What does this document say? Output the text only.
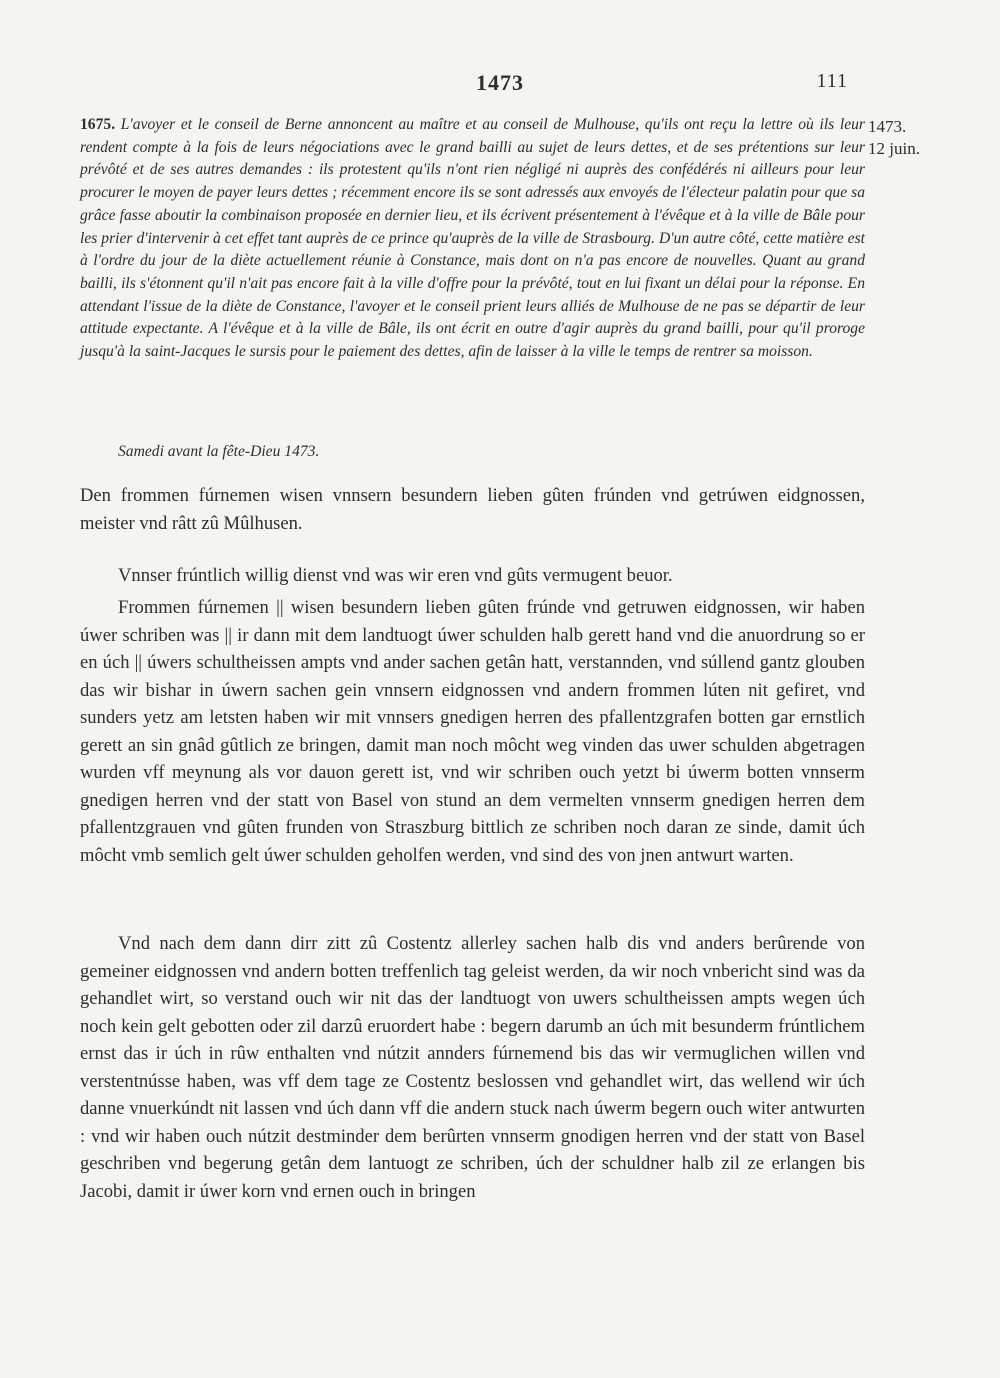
1473	111
1473.
12 juin.
1675. L'avoyer et le conseil de Berne annoncent au maître et au conseil de Mulhouse, qu'ils ont reçu la lettre où ils leur rendent compte à la fois de leurs négociations avec le grand bailli au sujet de leurs dettes, et de ses prétentions sur leur prévôté et de ses autres demandes : ils protestent qu'ils n'ont rien négligé ni auprès des confédérés ni ailleurs pour leur procurer le moyen de payer leurs dettes ; récemment encore ils se sont adressés aux envoyés de l'électeur palatin pour que sa grâce fasse aboutir la combinaison proposée en dernier lieu, et ils écrivent présentement à l'évêque et à la ville de Bâle pour les prier d'intervenir à cet effet tant auprès de ce prince qu'auprès de la ville de Strasbourg. D'un autre côté, cette matière est à l'ordre du jour de la diète actuellement réunie à Constance, mais dont on n'a pas encore de nouvelles. Quant au grand bailli, ils s'étonnent qu'il n'ait pas encore fait à la ville d'offre pour la prévôté, tout en lui fixant un délai pour la réponse. En attendant l'issue de la diète de Constance, l'avoyer et le conseil prient leurs alliés de Mulhouse de ne pas se départir de leur attitude expectante. A l'évêque et à la ville de Bâle, ils ont écrit en outre d'agir auprès du grand bailli, pour qu'il proroge jusqu'à la saint-Jacques le sursis pour le paiement des dettes, afin de laisser à la ville le temps de rentrer sa moisson.
Samedi avant la fête-Dieu 1473.

Den frommen fúrnemen wisen vnnsern besundern lieben gûten frúnden vnd getrúwen eidgnossen, meister vnd râtt zû Mûlhusen.

Vnnser frúntlich willig dienst vnd was wir eren vnd gûts vermugent beuor.

Frommen fúrnemen || wisen besundern lieben gûten frúnde vnd getruwen eidgnossen, wir haben úwer schriben was || ir dann mit dem landtuogt úwer schulden halb gerett hand vnd die anuordrung so er en úch || úwers schultheissen ampts vnd ander sachen getân hatt, verstannden, vnd súllend gantz glouben das wir bishar in úwern sachen gein vnnsern eidgnossen vnd andern frommen lúten nit gefiret, vnd sunders yetz am letsten haben wir mit vnnsers gnedigen herren des pfallentzgrafen botten gar ernstlich gerett an sin gnâd gûtlich ze bringen, damit man noch môcht weg vinden das uwer schulden abgetragen wurden vff meynung als vor dauon gerett ist, vnd wir schriben ouch yetzt bi úwerm botten vnnserm gnedigen herren vnd der statt von Basel von stund an dem vermelten vnnserm gnedigen herren dem pfallentzgrauen vnd gûten frunden von Straszburg bittlich ze schriben noch daran ze sinde, damit úch môcht vmb semlich gelt úwer schulden geholfen werden, vnd sind des von jnen antwurt warten.

Vnd nach dem dann dirr zitt zû Costentz allerley sachen halb dis vnd anders berûrende von gemeiner eidgnossen vnd andern botten treffenlich tag geleist werden, da wir noch vnbericht sind was da gehandlet wirt, so verstand ouch wir nit das der landtuogt von uwers schultheissen ampts wegen úch noch kein gelt gebotten oder zil darzû eruordert habe : begern darumb an úch mit besunderm frúntlichem ernst das ir úch in rûw enthalten vnd nútzit annders fúrnemend bis das wir vermuglichen willen vnd verstentnússe haben, was vff dem tage ze Costentz beslossen vnd gehandlet wirt, das wellend wir úch danne vnuerkúndt nit lassen vnd úch dann vff die andern stuck nach úwerm begern ouch witer antwurten : vnd wir haben ouch nútzit destminder dem berûrten vnnserm gnodigen herren vnd der statt von Basel geschriben vnd begerung getân dem lantuogt ze schriben, úch der schuldner halb zil ze erlangen bis Jacobi, damit ir úwer korn vnd ernen ouch in bringen
